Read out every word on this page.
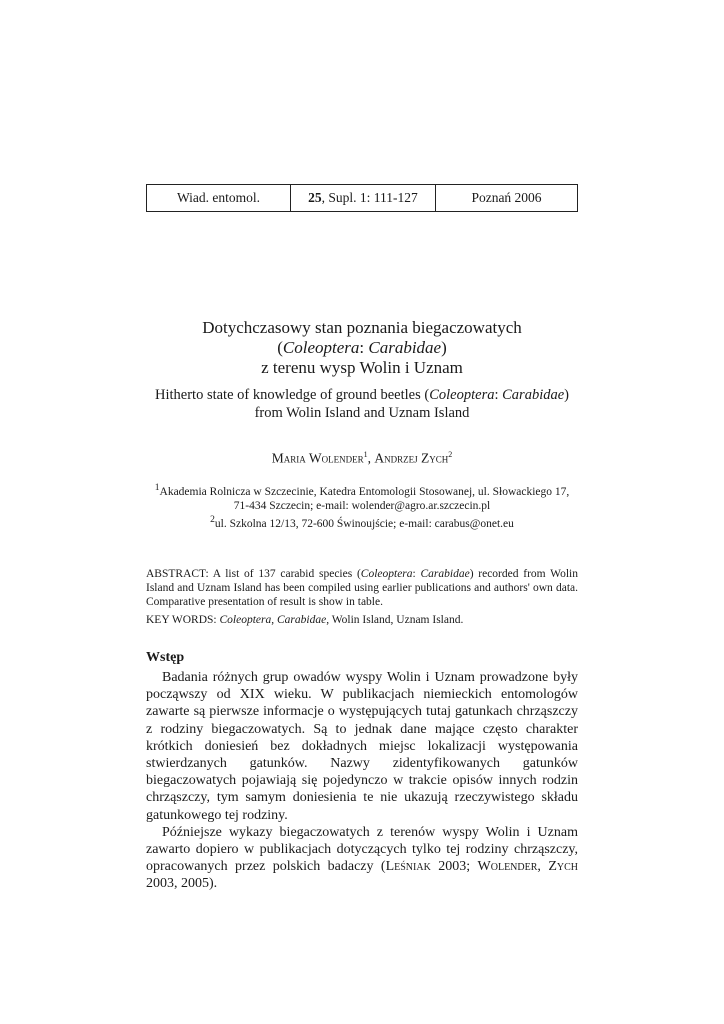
Wiad. entomol.	25, Supl. 1: 111-127	Poznań 2006
Dotychczasowy stan poznania biegaczowatych
(Coleoptera: Carabidae)
z terenu wysp Wolin i Uznam
Hitherto state of knowledge of ground beetles (Coleoptera: Carabidae)
from Wolin Island and Uznam Island
Maria Wolender$^1$, Andrzej Zych$^2$
$^1$Akademia Rolnicza w Szczecinie, Katedra Entomologii Stosowanej, ul. Słowackiego 17,
71-434 Szczecin; e-mail: wolender@agro.ar.szczecin.pl
$^2$ul. Szkolna 12/13, 72-600 Świnoujście; e-mail: carabus@onet.eu
ABSTRACT: A list of 137 carabid species (Coleoptera: Carabidae) recorded from Wolin Island and Uznam Island has been compiled using earlier publications and authors' own data. Comparative presentation of result is show in table.
KEY WORDS: Coleoptera, Carabidae, Wolin Island, Uznam Island.
Wstęp

Badania różnych grup owadów wyspy Wolin i Uznam prowadzone były począwszy od XIX wieku. W publikacjach niemieckich entomologów zawarte są pierwsze informacje o występujących tutaj gatunkach chrząszczy z rodziny biegaczowatych. Są to jednak dane mające często charakter krótkich doniesień bez dokładnych miejsc lokalizacji występowania stwierdzanych gatunków. Nazwy zidentyfikowanych gatunków biegaczowatych pojawiają się pojedynczo w trakcie opisów innych rodzin chrząszczy, tym samym doniesienia te nie ukazują rzeczywistego składu gatunkowego tej rodziny.

Późniejsze wykazy biegaczowatych z terenów wyspy Wolin i Uznam zawarto dopiero w publikacjach dotyczących tylko tej rodziny chrząszczy, opracowanych przez polskich badaczy (Leśniak 2003; Wolender, Zych 2003, 2005).
